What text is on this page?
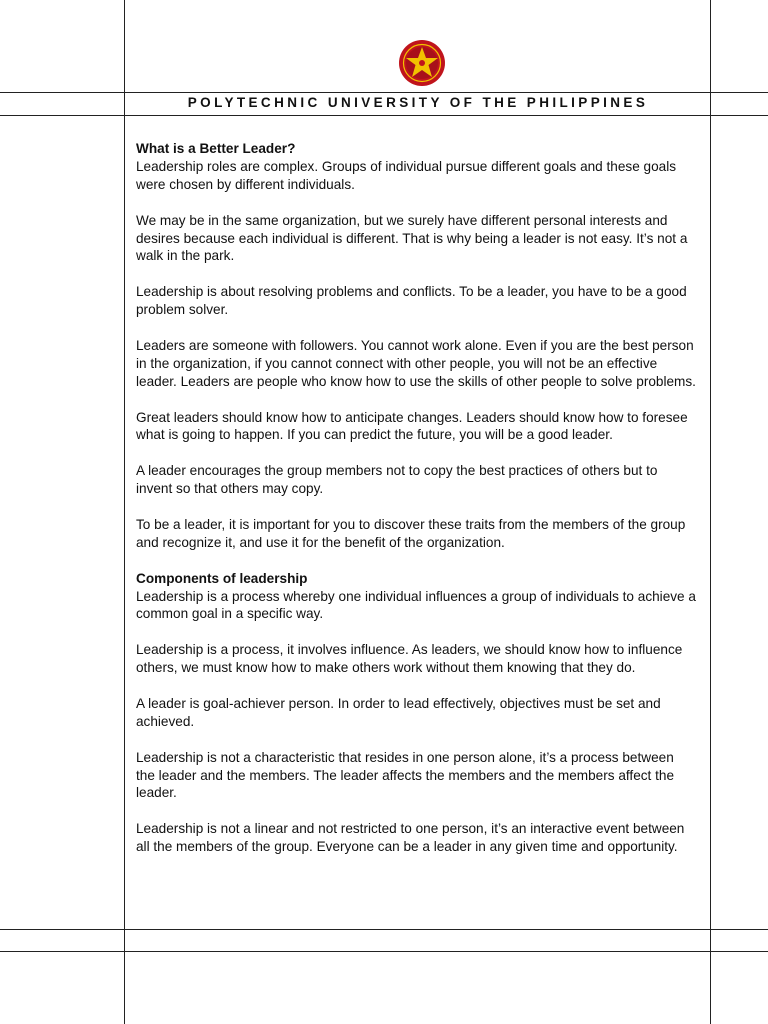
POLYTECHNIC UNIVERSITY OF THE PHILIPPINES
What is a Better Leader?

Leadership roles are complex. Groups of individual pursue different goals and these goals were chosen by different individuals.

We may be in the same organization, but we surely have different personal interests and desires because each individual is different. That is why being a leader is not easy. It’s not a walk in the park.

Leadership is about resolving problems and conflicts. To be a leader, you have to be a good problem solver.

Leaders are someone with followers. You cannot work alone. Even if you are the best person in the organization, if you cannot connect with other people, you will not be an effective leader. Leaders are people who know how to use the skills of other people to solve problems.

Great leaders should know how to anticipate changes. Leaders should know how to foresee what is going to happen. If you can predict the future, you will be a good leader.

A leader encourages the group members not to copy the best practices of others but to invent so that others may copy.

To be a leader, it is important for you to discover these traits from the members of the group and recognize it, and use it for the benefit of the organization.

Components of leadership

Leadership is a process whereby one individual influences a group of individuals to achieve a common goal in a specific way.

Leadership is a process, it involves influence. As leaders, we should know how to influence others, we must know how to make others work without them knowing that they do.

A leader is goal-achiever person. In order to lead effectively, objectives must be set and achieved.

Leadership is not a characteristic that resides in one person alone, it’s a process between the leader and the members. The leader affects the members and the members affect the leader.

Leadership is not a linear and not restricted to one person, it’s an interactive event between all the members of the group. Everyone can be a leader in any given time and opportunity.
